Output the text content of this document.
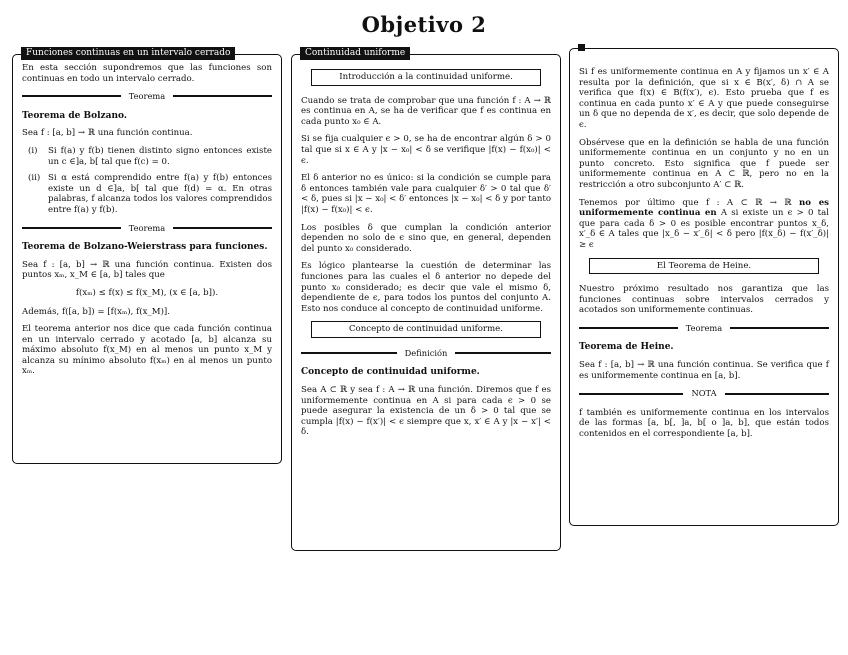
Objetivo 2
Funciones continuas en un intervalo cerrado

En esta sección supondremos que las funciones son continuas en todo un intervalo cerrado.

Teorema

Teorema de Bolzano.

Sea f : [a, b] → ℝ una función continua.

(i)	Si f(a) y f(b) tienen distinto signo entonces existe un c ∈]a, b[ tal que f(c) = 0.
(ii) Si α está comprendido entre f(a) y f(b) entonces existe un d ∈]a, b[ tal que f(d) = α. En otras palabras, f alcanza todos los valores comprendidos entre f(a) y f(b).
Teorema

Teorema de Bolzano-Weierstrass para funciones.

Sea f : [a, b] → ℝ una función continua. Existen dos puntos xₘ, x_M ∈ [a, b] tales que

f(xₘ) ≤ f(x) ≤ f(x_M), (x ∈ [a, b]).

Además, f([a, b]) = [f(xₘ), f(x_M)].

El teorema anterior nos dice que cada función continua en un intervalo cerrado y acotado [a, b] alcanza su máximo absoluto f(x_M) en al menos un punto x_M y alcanza su mínimo absoluto f(xₘ) en al menos un punto xₘ.

Continuidad uniforme
Introducción a la continuidad uniforme.

Cuando se trata de comprobar que una función f : A → ℝ es continua en A, se ha de verificar que f es continua en cada punto x₀ ∈ A.

Si se fija cualquier ϵ > 0, se ha de encontrar algún δ > 0 tal que si x ∈ A y |x − x₀| < δ se verifique |f(x) − f(x₀)| < ϵ.

El δ anterior no es único: si la condición se cumple para δ entonces también vale para cualquier δ′ > 0 tal que δ′ < δ, pues si |x − x₀| < δ′ entonces |x − x₀| < δ y por tanto |f(x) − f(x₀)| < ϵ.

Los posibles δ que cumplan la condición anterior dependen no solo de ϵ sino que, en general, dependen del punto x₀ considerado.

Es lógico plantearse la cuestión de determinar las funciones para las cuales el δ anterior no depede del punto x₀ considerado; es decir que vale el mismo δ, dependiente de ϵ, para todos los puntos del conjunto A. Esto nos conduce al concepto de continuidad uniforme.

Concepto de continuidad uniforme.
Definición

Concepto de continuidad uniforme.

Sea A ⊂ ℝ y sea f : A → ℝ una función. Diremos que f es uniformemente continua en A si para cada ϵ > 0 se puede asegurar la existencia de un δ > 0 tal que se cumpla |f(x) − f(x′)| < ϵ siempre que x, x′ ∈ A y |x − x′| < δ.

Si f es uniformemente continua en A y fijamos un x′ ∈ A resulta por la definición, que si x ∈ B(x′, δ) ∩ A se verifica que f(x) ∈ B(f(x′), ϵ). Esto prueba que f es continua en cada punto x′ ∈ A y que puede conseguirse un δ que no dependa de x′, es decir, que solo depende de ϵ.

Obsérvese que en la definición se habla de una función uniformemente continua en un conjunto y no en un punto concreto. Esto significa que f puede ser uniformemente continua en A ⊂ ℝ, pero no en la restricción a otro subconjunto A′ ⊂ ℝ.

Tenemos por último que f : A ⊂ ℝ → ℝ no es uniformemente continua en A si existe un ϵ > 0 tal que para cada δ > 0 es posible encontrar puntos x_δ, x′_δ ∈ A tales que |x_δ − x′_δ| < δ pero |f(x_δ) − f(x′_δ)| ≥ ϵ

El Teorema de Heine.

Nuestro próximo resultado nos garantiza que las funciones continuas sobre intervalos cerrados y acotados son uniformemente continuas.

Teorema

Teorema de Heine.

Sea f : [a, b] → ℝ una función continua. Se verifica que f es uniformemente continua en [a, b].

NOTA

f también es uniformemente continua en los intervalos de las formas [a, b[, ]a, b[ o ]a, b], que están todos contenidos en el correspondiente [a, b].
